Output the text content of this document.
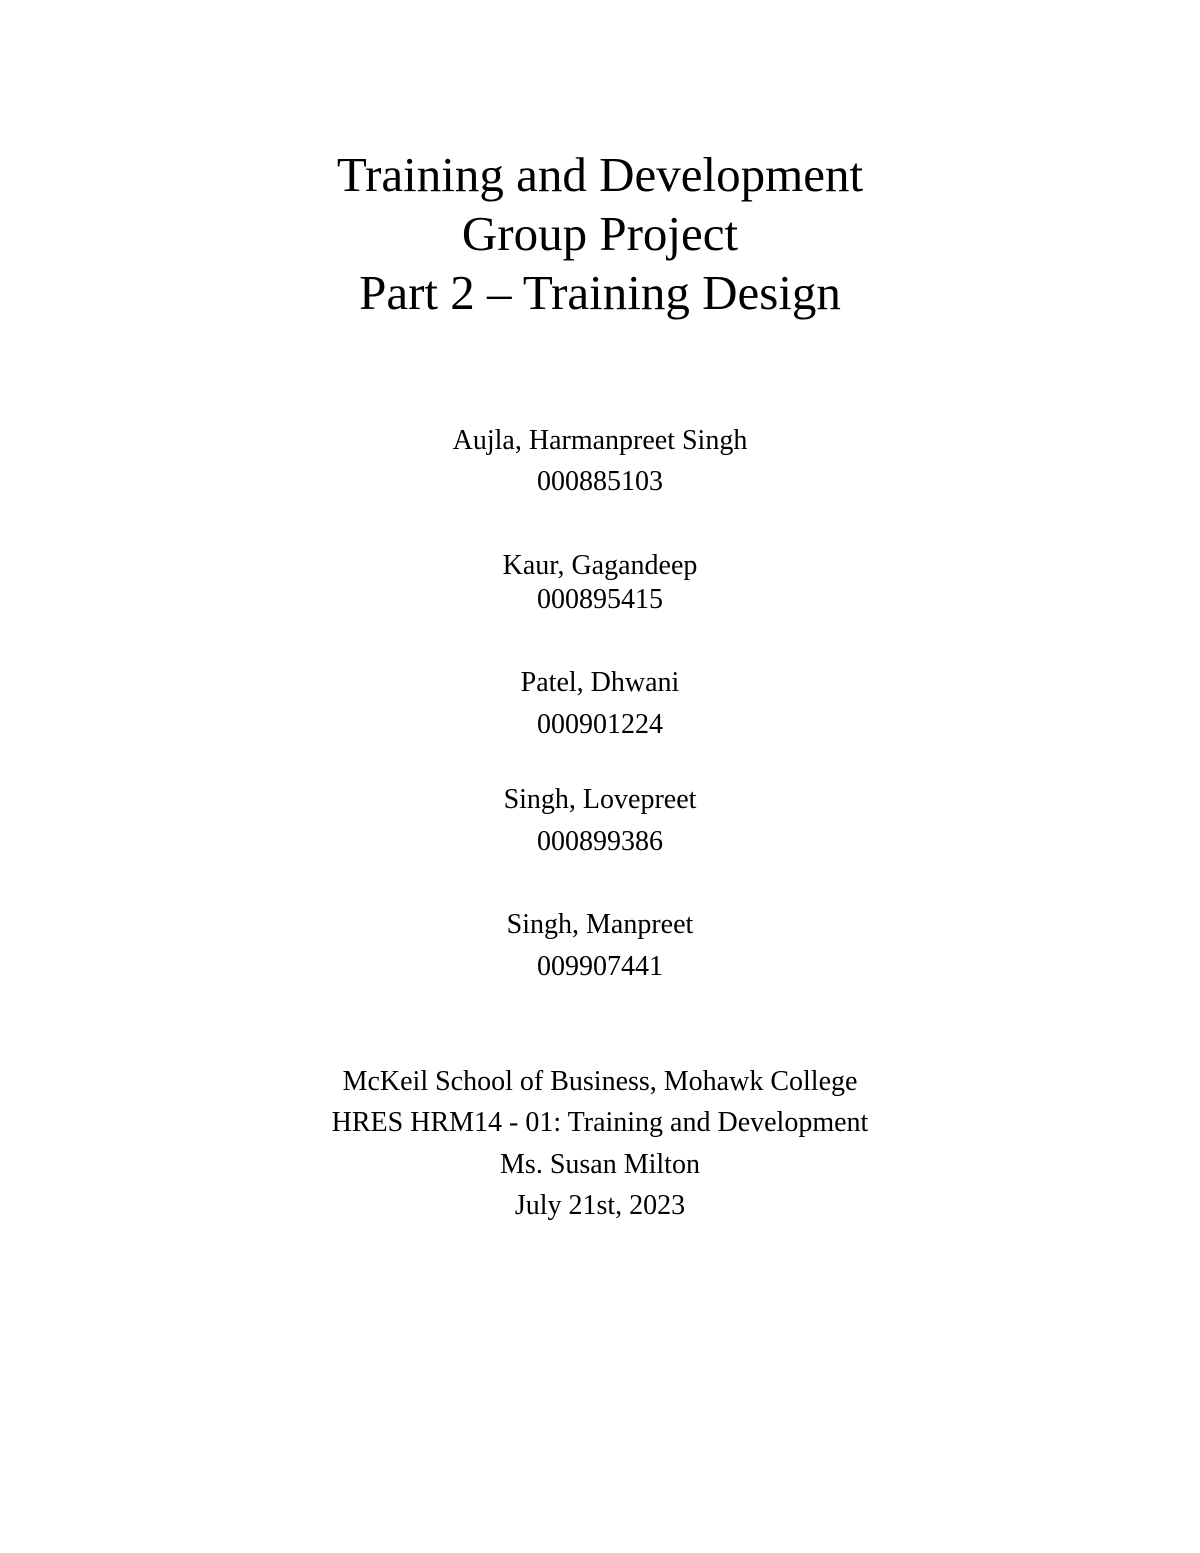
Training and Development
Group Project
Part 2 – Training Design
Aujla, Harmanpreet Singh
000885103
Kaur, Gagandeep
000895415
Patel, Dhwani
000901224
Singh, Lovepreet
000899386
Singh, Manpreet
009907441
McKeil School of Business, Mohawk College
HRES HRM14 - 01: Training and Development
Ms. Susan Milton
July 21st, 2023
